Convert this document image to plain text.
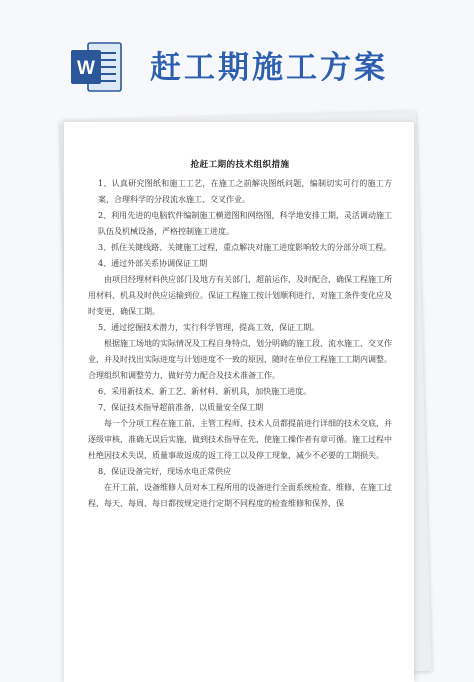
W 赶工期施工方案
抢赶工期的技术组织措施

1、认真研究图纸和施工工艺，在施工之前解决图纸问题，编制切实可行的施工方案，合理科学的分段流水施工、交叉作业。

2、利用先进的电脑软件编制施工横道图和网络图，科学地安排工期，灵活调动施工队伍及机械设备，严格控制施工进度。

3、抓住关键线路、关键施工过程，重点解决对施工进度影响较大的分部分项工程。

4、通过外部关系协调保证工期

由项目经理材料供应部门及地方有关部门，超前运作，及时配合，确保工程施工所用材料、机具及时供应运输到位。保证工程施工按计划顺利进行，对施工条件变化应及时变更，确保工期。

5、通过挖掘技术潜力，实行科学管理，提高工效，保证工期。

根据施工场地的实际情况及工程自身特点，划分明确的施工段、流水施工、交叉作业，并及时找出实际进度与计划进度不一致的原因，随时在单位工程施工工期内调整。合理组织和调整劳力，做好劳力配合及技术准备工作。

6、采用新技术、新工艺、新材料、新机具，加快施工进度。

7、保证技术指导超前准备，以质量安全保工期

每一个分项工程在施工前，主管工程师、技术人员都提前进行详细的技术交底，并逐级审核，准确无误后实施，做到技术指导在先，使施工操作者有章可循。施工过程中杜绝因技术失误，质量事故返成的返工待工以及停工现象，减少不必要的工期损失。

8、保证设备完好，现场水电正常供应

在开工前，设备维修人员对本工程所用的设备进行全面系统检查、维修，在施工过程，每天、每周、每日都按规定进行定期不同程度的检查维修和保养，保
